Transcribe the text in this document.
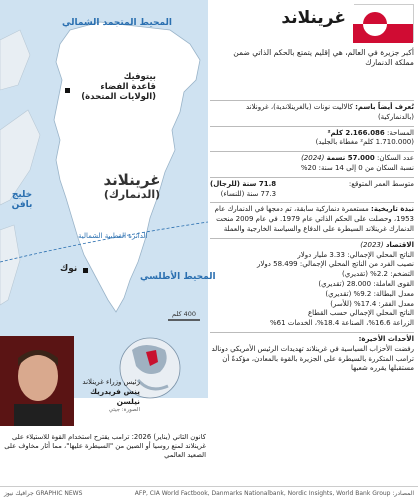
المحيط المتجمد الشمالي
خليج بافن
بيتوفيك
قاعدة الفضاء
(الولايات المتحدة)
غرينلاند
(الدنمارك)
الدائرة القطبية الشمالية
نوك
المحيط الأطلسي
400 كلم
رئيس وزراء غرينلاند
ينس فريدريك نيلسن
الصورة: جيتي
كانون الثاني (يناير) 2026: ترامب يقترح استخدام القوة للاستيلاء على غرينلاند لمنع روسيا أو الصين من "السيطرة عليها"، مما أثار مخاوف على الصعيد العالمي
غرينلاند
أكبر جزيرة في العالم، هي إقليم يتمتع بالحكم الذاتي ضمن مملكة الدنمارك
تُعرف أيضاً باسم: كالاليت نونات (بالغرينلاندية)، غرونلاند (بالدنماركية)
المساحة: 2.166.086 كلم²
(1.710.000 كلم² مغطاة بالجليد)
عدد السكان: 57.000 نسمة (2024)
نسبة السكان من 0 إلى 14 سنة: 20%
متوسط العمر المتوقع:
71.8 سنة (للرجال)
77.3 سنة (للنساء)
نبذة تاريخية: مستعمرة دنماركية سابقة، تم دمجها في الدنمارك عام 1953، وحصلت على الحكم الذاتي عام 1979. في عام 2009 منحت الدنمارك غرينلاند السيطرة على الدفاع والسياسة الخارجية والعملة
الاقتصاد (2023)
الناتج المحلي الإجمالي: 3.33 مليار دولار
نصيب الفرد من الناتج المحلي الإجمالي: 58.499 دولار
التضخم: 2.2% (تقديري)
القوى العاملة: 28.000 (تقديري)
معدل البطالة: 9.2% (تقديري)
معدل الفقر: 17.4% (للأسر)
الناتج المحلي الإجمالي حسب القطاع
الزراعة 16.6%، الصناعة 18.4%، الخدمات 61%
الأحداث الأخيرة:
رفضت الأحزاب السياسية في غرينلاند تهديدات الرئيس الأمريكي دونالد ترامب المتكررة بالسيطرة على الجزيرة بالقوة بالمعادن، مؤكدةً أن مستقبلها يقرره شعبها
AFP, CIA World Factbook, Danmarks Nationalbank, Nordic Insights, World Bank Group :المصادر
GRAPHIC NEWS جرافيك نيوز
